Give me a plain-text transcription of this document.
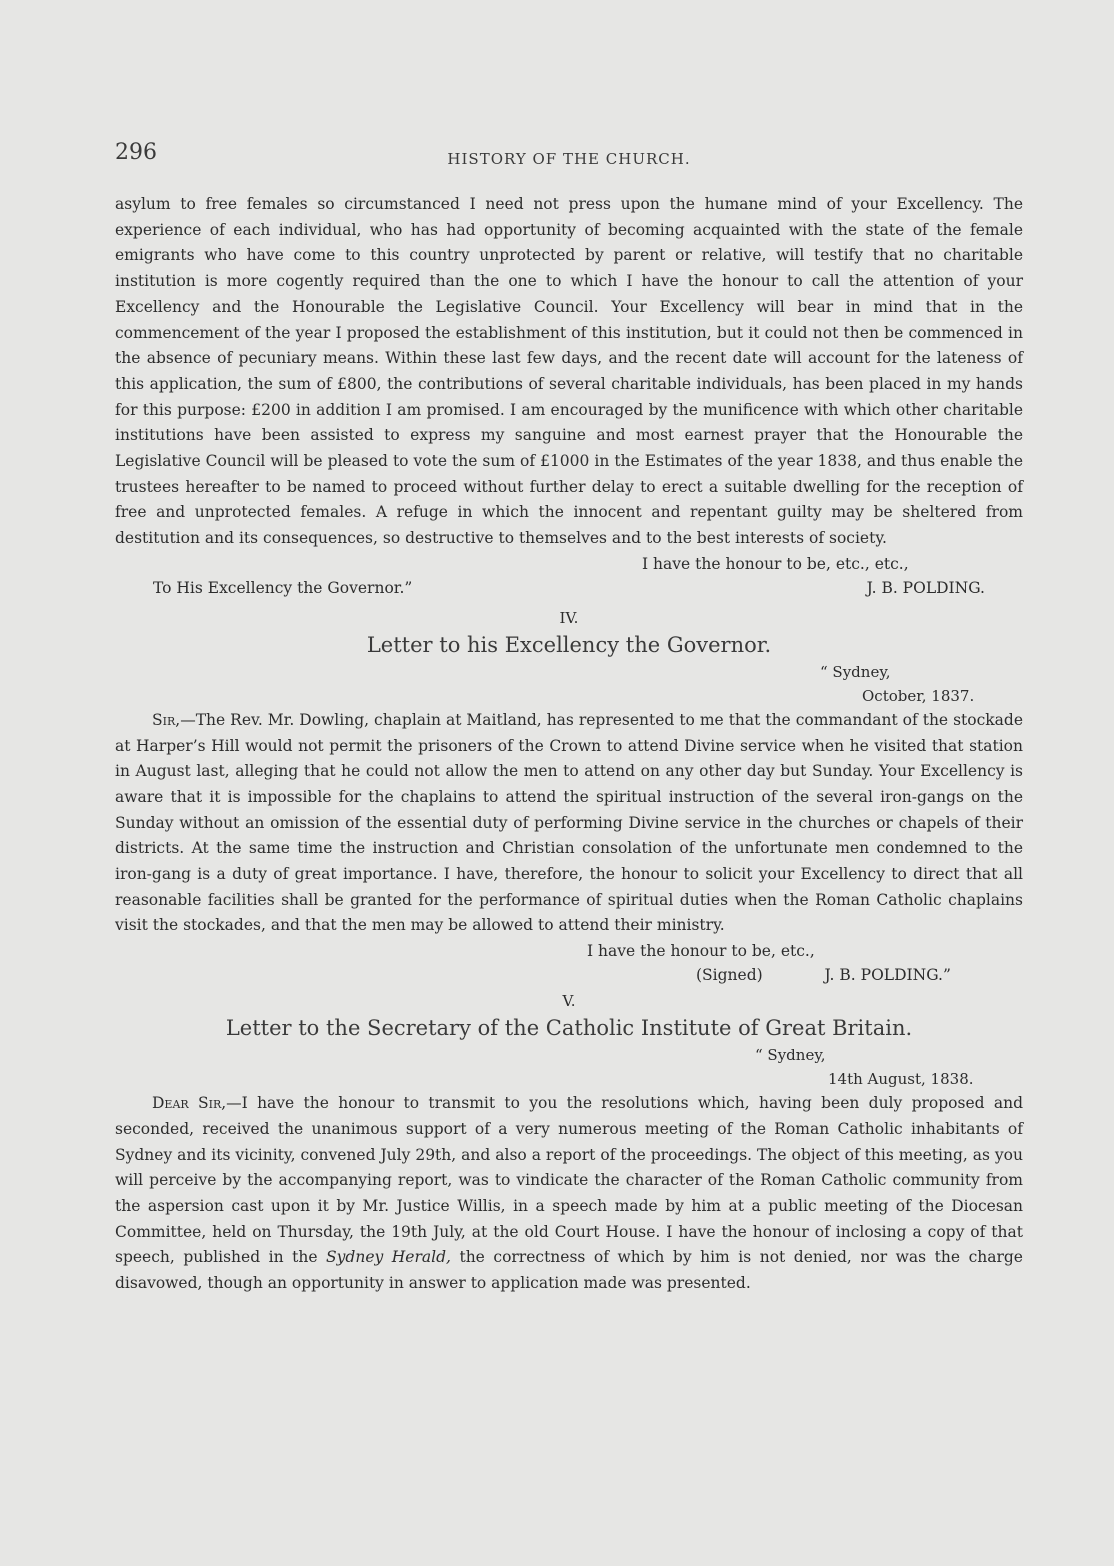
296	HISTORY OF THE CHURCH.

asylum to free females so circumstanced I need not press upon the humane mind of your Excellency. The experience of each individual, who has had opportunity of becoming acquainted with the state of the female emigrants who have come to this country unprotected by parent or relative, will testify that no charitable institution is more cogently required than the one to which I have the honour to call the attention of your Excellency and the Honourable the Legislative Council. Your Excellency will bear in mind that in the commencement of the year I proposed the establishment of this institution, but it could not then be commenced in the absence of pecuniary means. Within these last few days, and the recent date will account for the lateness of this application, the sum of £800, the contributions of several charitable individuals, has been placed in my hands for this purpose: £200 in addition I am promised. I am encouraged by the munificence with which other charitable institutions have been assisted to express my sanguine and most earnest prayer that the Honourable the Legislative Council will be pleased to vote the sum of £1000 in the Estimates of the year 1838, and thus enable the trustees hereafter to be named to proceed without further delay to erect a suitable dwelling for the reception of free and unprotected females. A refuge in which the innocent and repentant guilty may be sheltered from destitution and its consequences, so destructive to themselves and to the best interests of society.

I have the honour to be, etc., etc.,
To His Excellency the Governor.”	J. B. POLDING.
IV.
Letter to his Excellency the Governor.
“ Sydney,
October, 1837.

Sir,—The Rev. Mr. Dowling, chaplain at Maitland, has represented to me that the commandant of the stockade at Harper’s Hill would not permit the prisoners of the Crown to attend Divine service when he visited that station in August last, alleging that he could not allow the men to attend on any other day but Sunday. Your Excellency is aware that it is impossible for the chaplains to attend the spiritual instruction of the several iron-gangs on the Sunday without an omission of the essential duty of performing Divine service in the churches or chapels of their districts. At the same time the instruction and Christian consolation of the unfortunate men condemned to the iron-gang is a duty of great importance. I have, therefore, the honour to solicit your Excellency to direct that all reasonable facilities shall be granted for the performance of spiritual duties when the Roman Catholic chaplains visit the stockades, and that the men may be allowed to attend their ministry.

I have the honour to be, etc.,
(Signed)	J. B. POLDING.”
V.
Letter to the Secretary of the Catholic Institute of Great Britain.
“ Sydney,
14th August, 1838.

Dear Sir,—I have the honour to transmit to you the resolutions which, having been duly proposed and seconded, received the unanimous support of a very numerous meeting of the Roman Catholic inhabitants of Sydney and its vicinity, convened July 29th, and also a report of the proceedings. The object of this meeting, as you will perceive by the accompanying report, was to vindicate the character of the Roman Catholic community from the aspersion cast upon it by Mr. Justice Willis, in a speech made by him at a public meeting of the Diocesan Committee, held on Thursday, the 19th July, at the old Court House. I have the honour of inclosing a copy of that speech, published in the Sydney Herald, the correctness of which by him is not denied, nor was the charge disavowed, though an opportunity in answer to application made was presented.
